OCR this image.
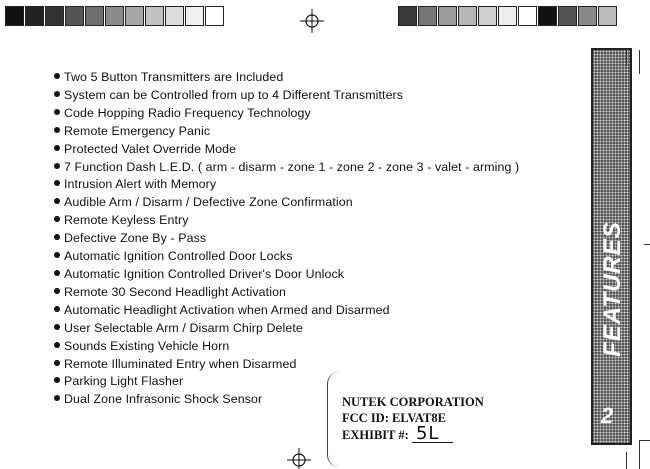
Two 5 Button Transmitters are Included
System can be Controlled from up to 4 Different Transmitters
Code Hopping Radio Frequency Technology
Remote Emergency Panic
Protected Valet Override Mode
7 Function Dash L.E.D. ( arm - disarm - zone 1 - zone 2 - zone 3 - valet - arming )
Intrusion Alert with Memory
Audible Arm / Disarm / Defective Zone Confirmation
Remote Keyless Entry
Defective Zone By - Pass
Automatic Ignition Controlled Door Locks
Automatic Ignition Controlled Driver's Door Unlock
Remote 30 Second Headlight Activation
Automatic Headlight Activation when Armed and Disarmed
User Selectable Arm / Disarm Chirp Delete
Sounds Existing Vehicle Horn
Remote Illuminated Entry when Disarmed
Parking Light Flasher
Dual Zone Infrasonic Shock Sensor
FEATURES
2
NUTEK CORPORATION
FCC ID: ELVAT8E
EXHIBIT #: 5L
